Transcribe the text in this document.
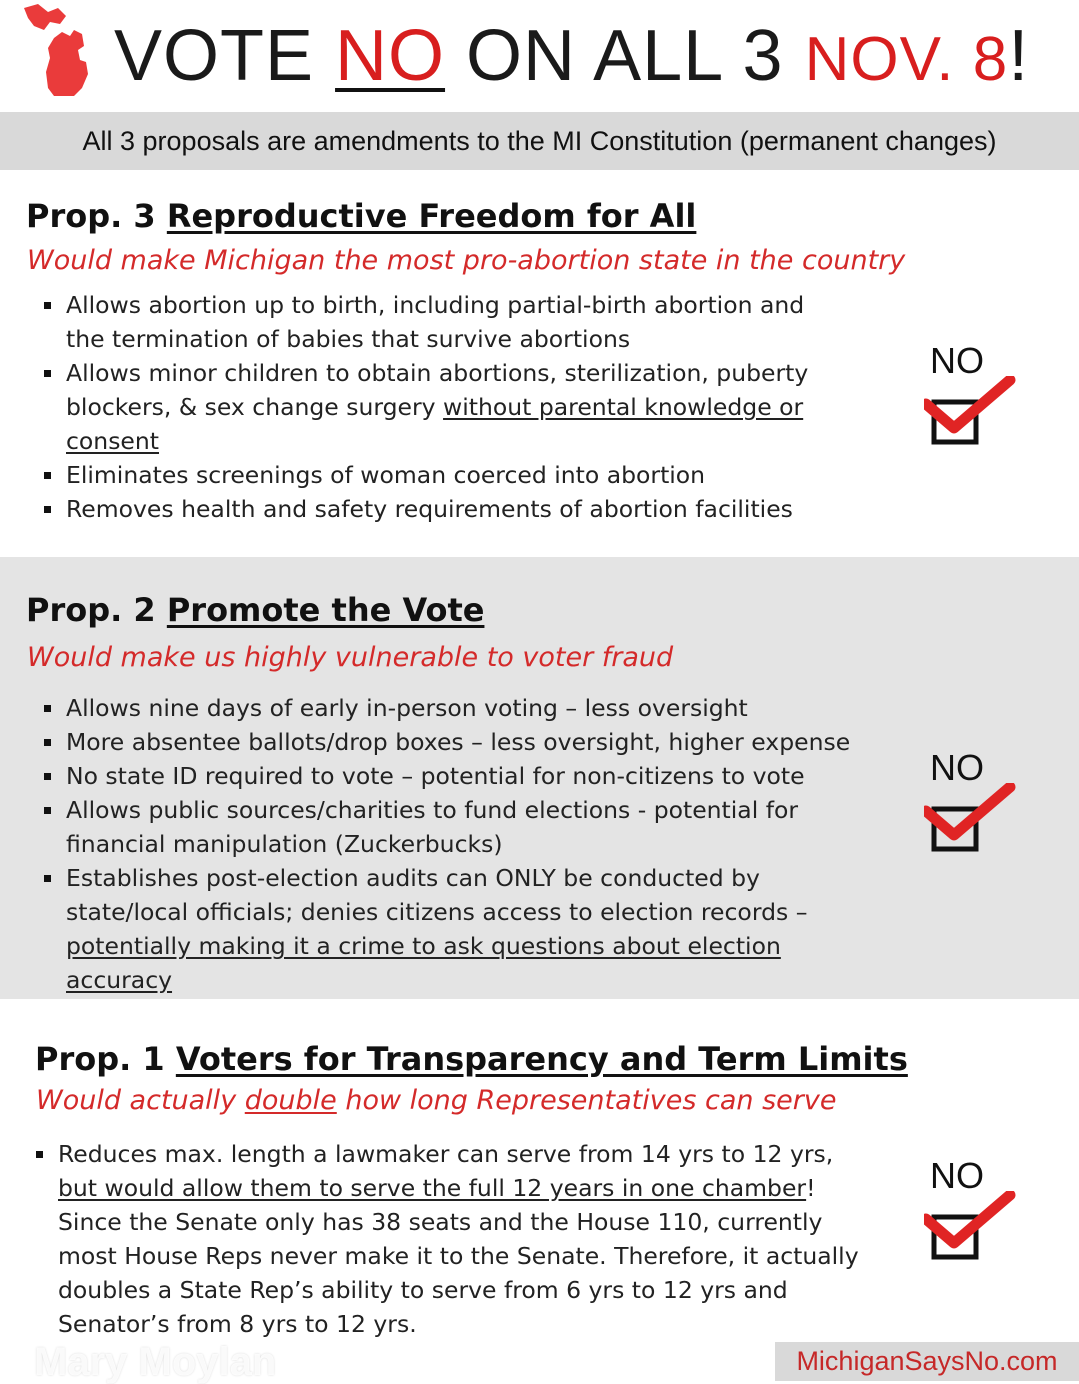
VOTE NO ON ALL 3 NOV. 8!
All 3 proposals are amendments to the MI Constitution (permanent changes)
Prop. 3 Reproductive Freedom for All
Would make Michigan the most pro-abortion state in the country
Allows abortion up to birth, including partial-birth abortion and the termination of babies that survive abortions
Allows minor children to obtain abortions, sterilization, puberty blockers, & sex change surgery without parental knowledge or consent
Eliminates screenings of woman coerced into abortion
Removes health and safety requirements of abortion facilities
NO
Prop. 2 Promote the Vote
Would make us highly vulnerable to voter fraud
Allows nine days of early in-person voting – less oversight
More absentee ballots/drop boxes – less oversight, higher expense
No state ID required to vote – potential for non-citizens to vote
Allows public sources/charities to fund elections - potential for financial manipulation (Zuckerbucks)
Establishes post-election audits can ONLY be conducted by state/local officials; denies citizens access to election records – potentially making it a crime to ask questions about election accuracy
NO
Prop. 1 Voters for Transparency and Term Limits
Would actually double how long Representatives can serve
Reduces max. length a lawmaker can serve from 14 yrs to 12 yrs, but would allow them to serve the full 12 years in one chamber! Since the Senate only has 38 seats and the House 110, currently most House Reps never make it to the Senate. Therefore, it actually doubles a State Rep’s ability to serve from 6 yrs to 12 yrs and Senator’s from 8 yrs to 12 yrs.
NO
Mary Moylan	MichiganSaysNo.com
